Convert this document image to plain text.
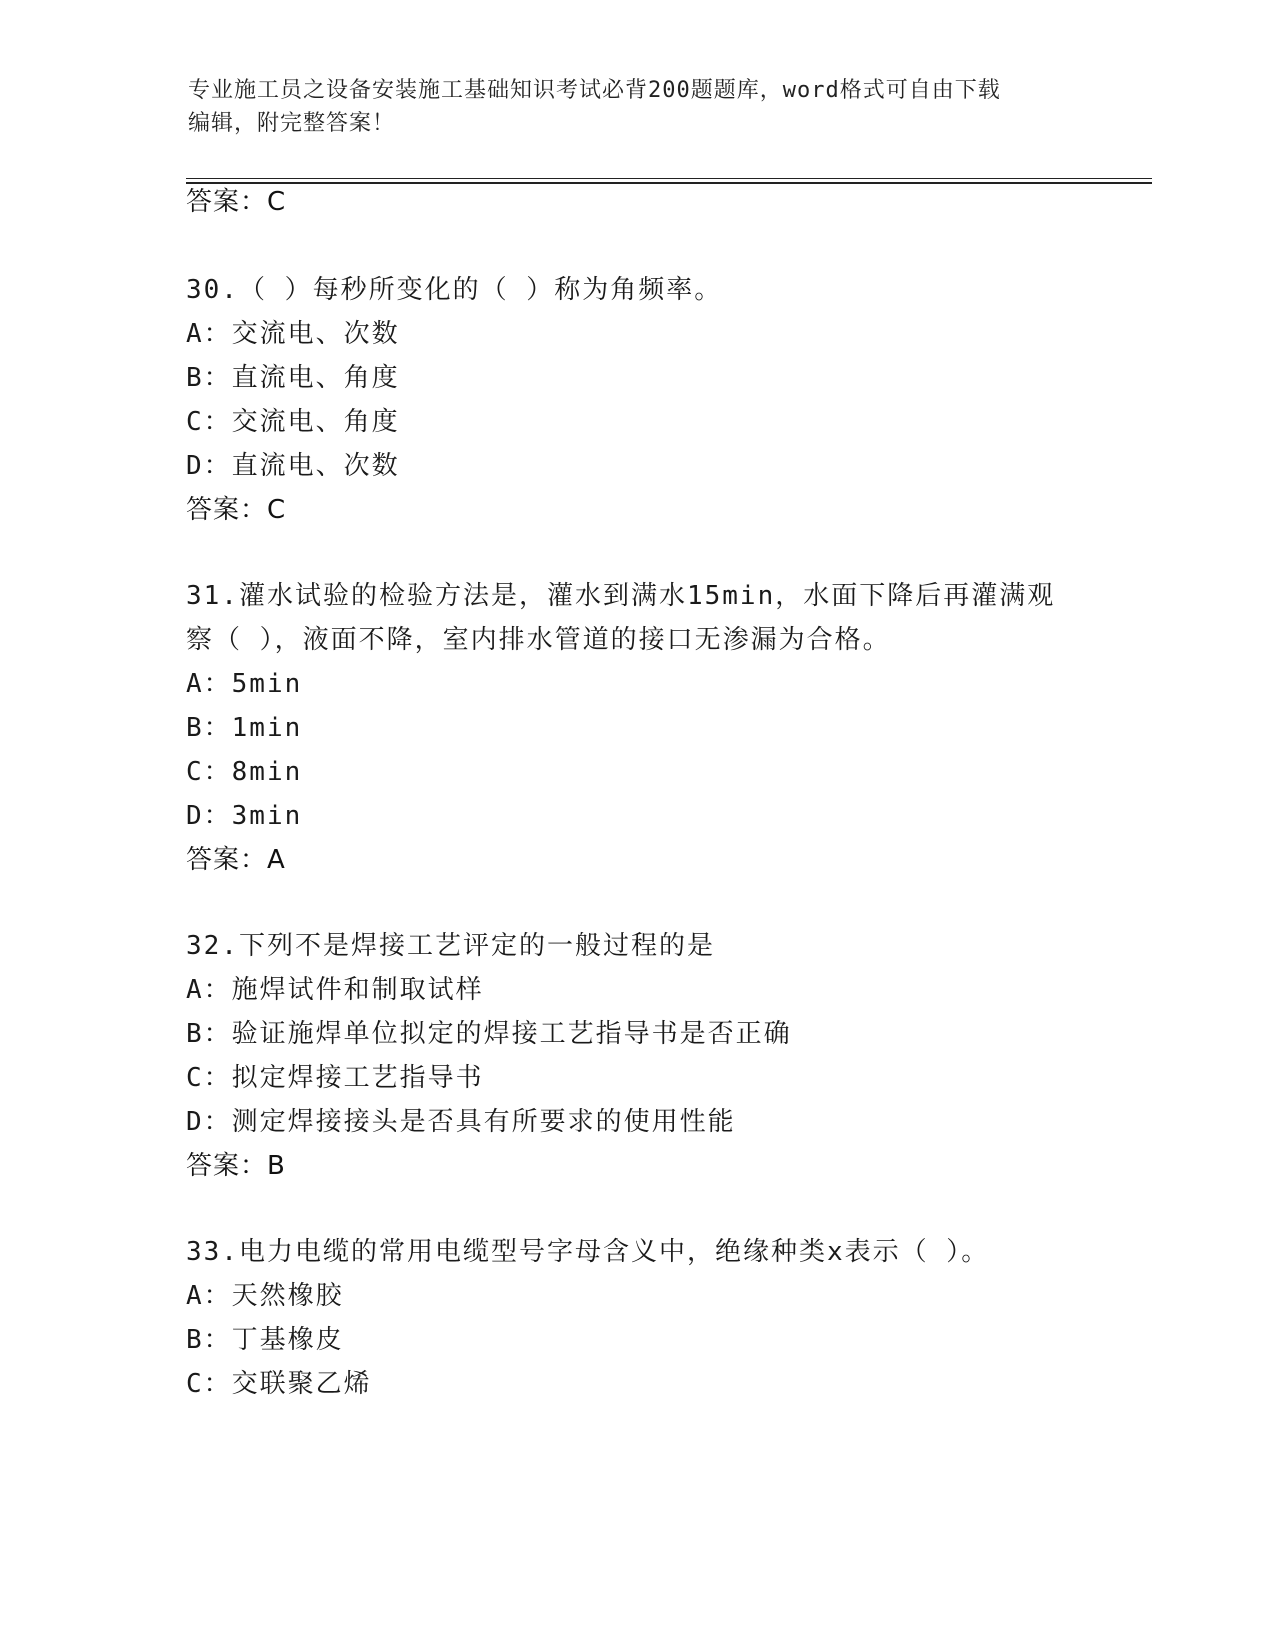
专业施工员之设备安装施工基础知识考试必背200题题库，word格式可自由下载
编辑，附完整答案！
答案：C
30.（ ）每秒所变化的（ ）称为角频率。
A：交流电、次数
B：直流电、角度
C：交流电、角度
D：直流电、次数
答案：C
31.灌水试验的检验方法是，灌水到满水15min，水面下降后再灌满观
察（ ），液面不降，室内排水管道的接口无渗漏为合格。
A：5min
B：1min
C：8min
D：3min
答案：A
32.下列不是焊接工艺评定的一般过程的是
A：施焊试件和制取试样
B：验证施焊单位拟定的焊接工艺指导书是否正确
C：拟定焊接工艺指导书
D：测定焊接接头是否具有所要求的使用性能
答案：B
33.电力电缆的常用电缆型号字母含义中，绝缘种类x表示（ ）。
A：天然橡胶
B：丁基橡皮
C：交联聚乙烯
